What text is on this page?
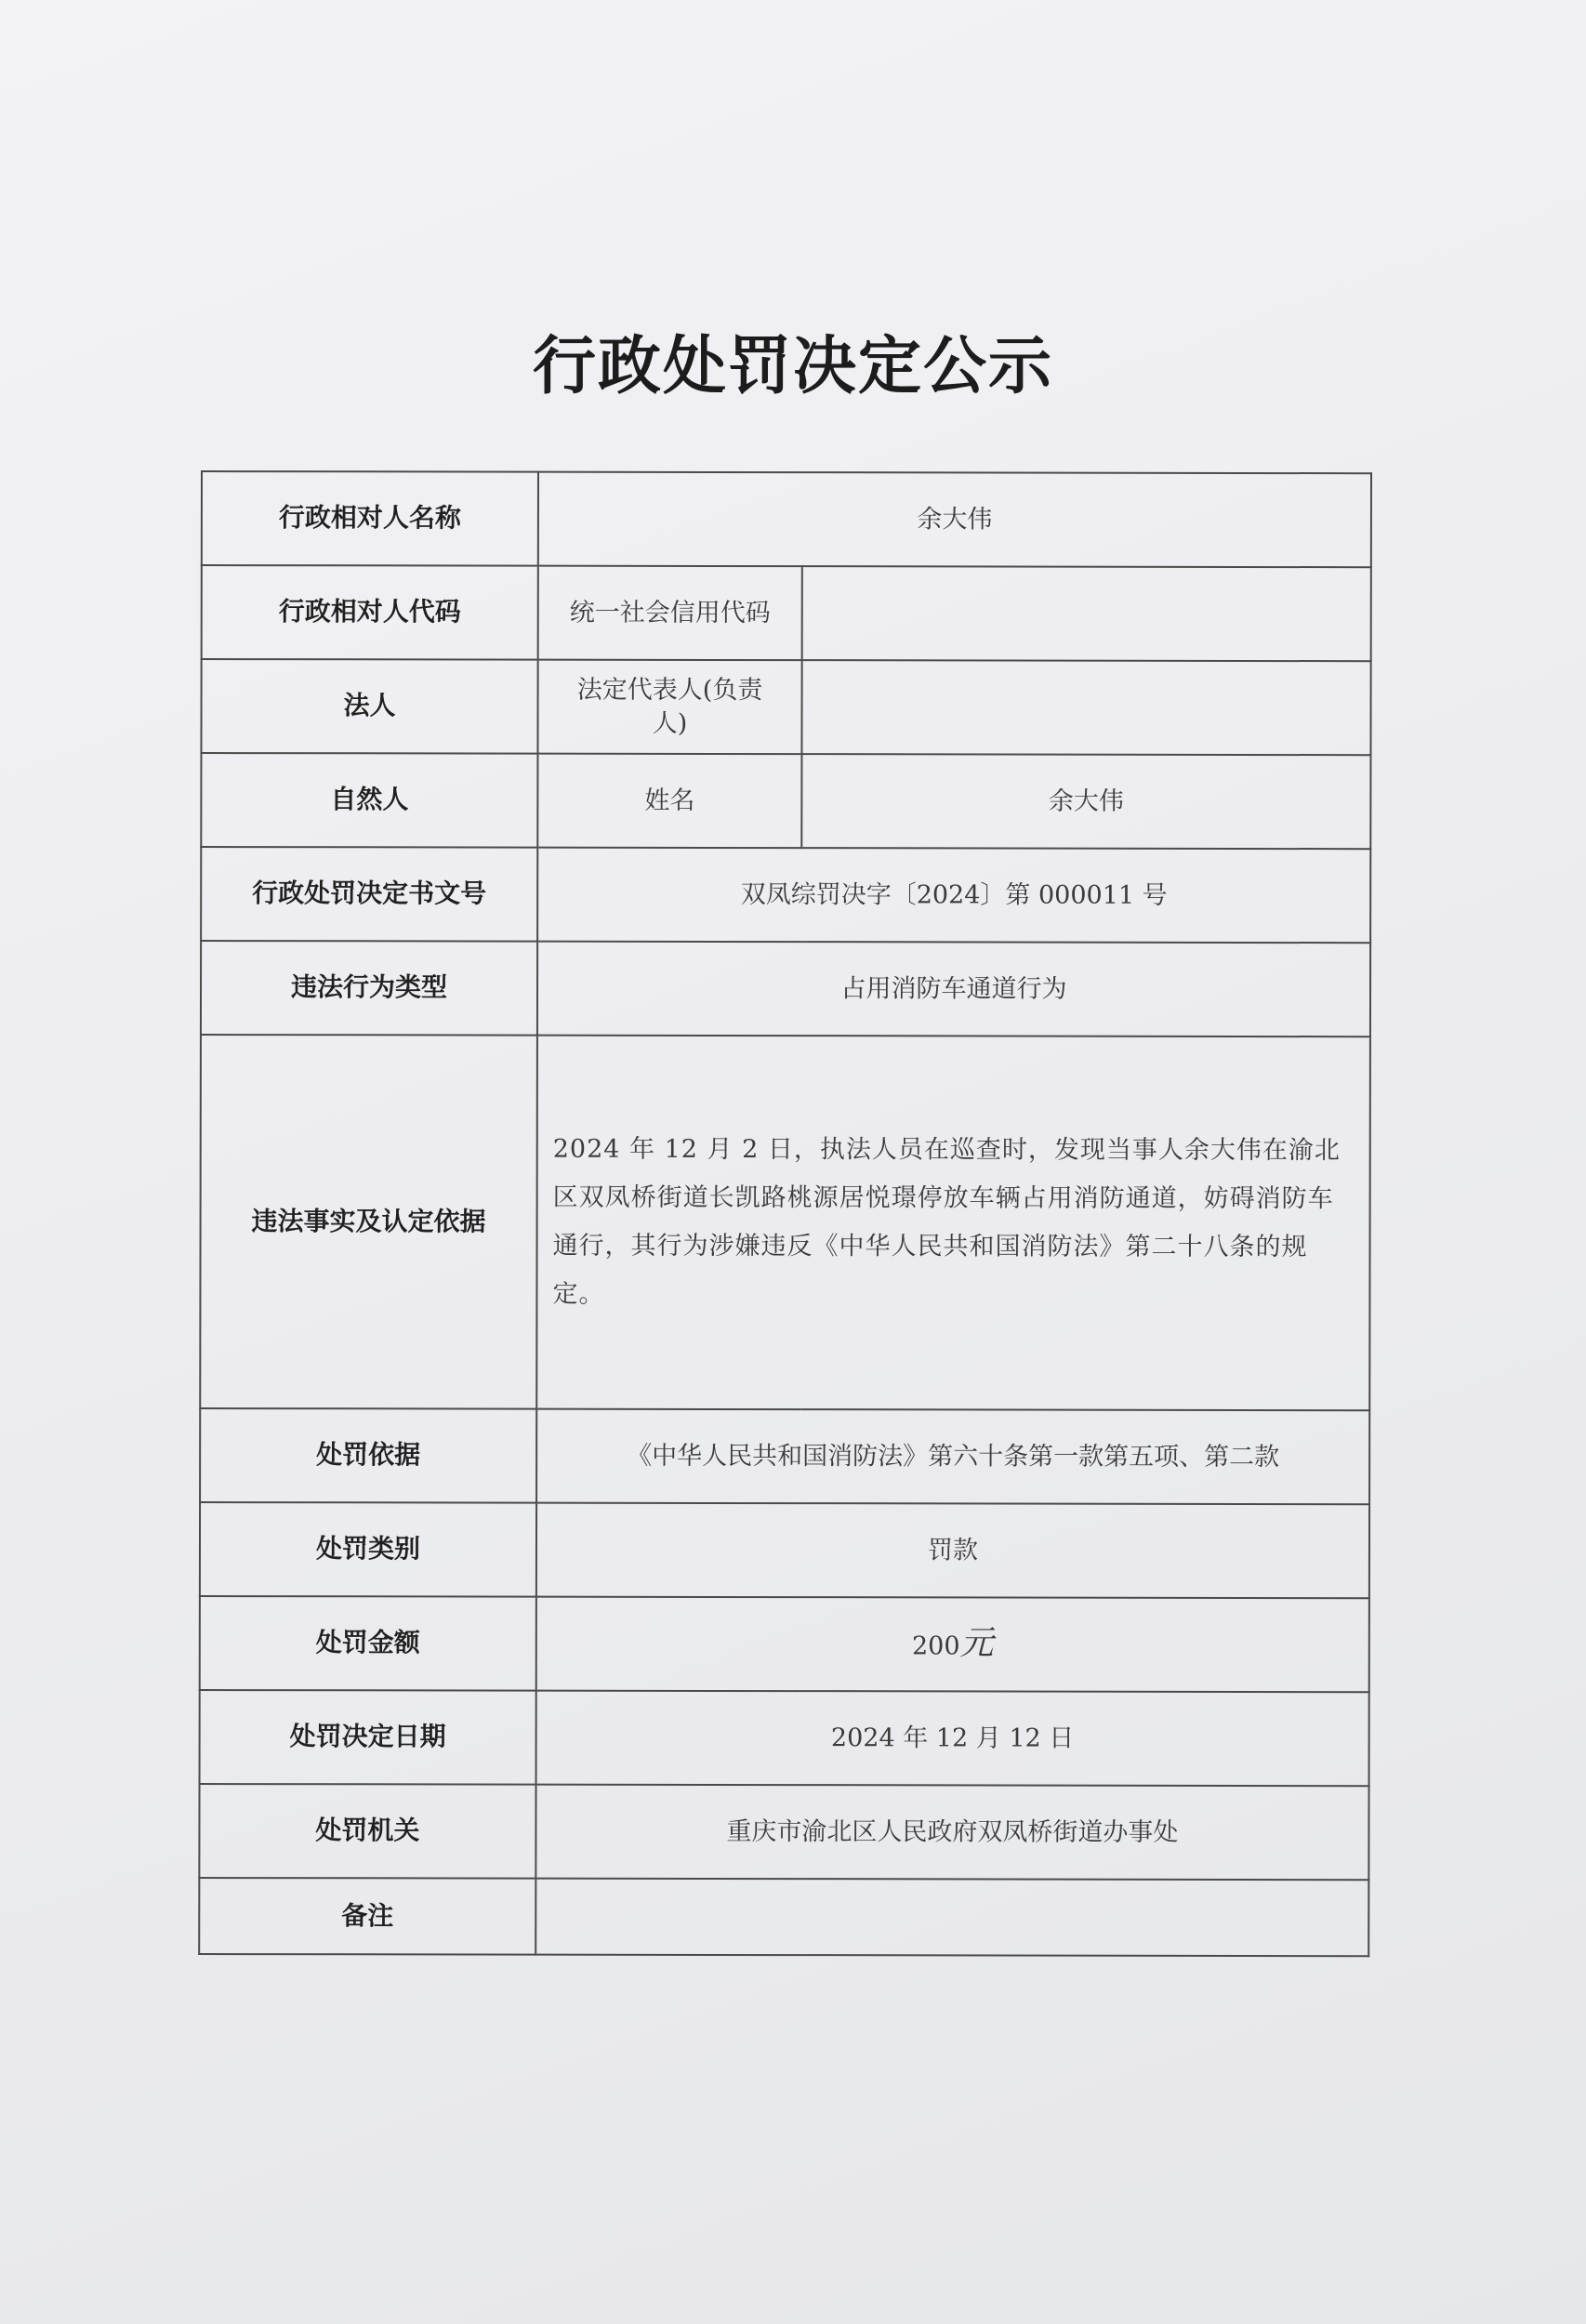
行政处罚决定公示
行政相对人名称	余大伟	
行政相对人代码	统一社会信用代码	
法人	法定代表人(负责人)	
自然人	姓名	余大伟
行政处罚决定书文号	双凤综罚决字〔2024〕第 000011 号	
违法行为类型	占用消防车通道行为	
违法事实及认定依据	2024 年 12 月 2 日，执法人员在巡查时，发现当事人余大伟在渝北区双凤桥街道长凯路桃源居悦璟停放车辆占用消防通道，妨碍消防车通行，其行为涉嫌违反《中华人民共和国消防法》第二十八条的规定。	
处罚依据	《中华人民共和国消防法》第六十条第一款第五项、第二款	
处罚类别	罚款	
处罚金额	200元	
处罚决定日期	2024 年 12 月 12 日	
处罚机关	重庆市渝北区人民政府双凤桥街道办事处	
备注		
